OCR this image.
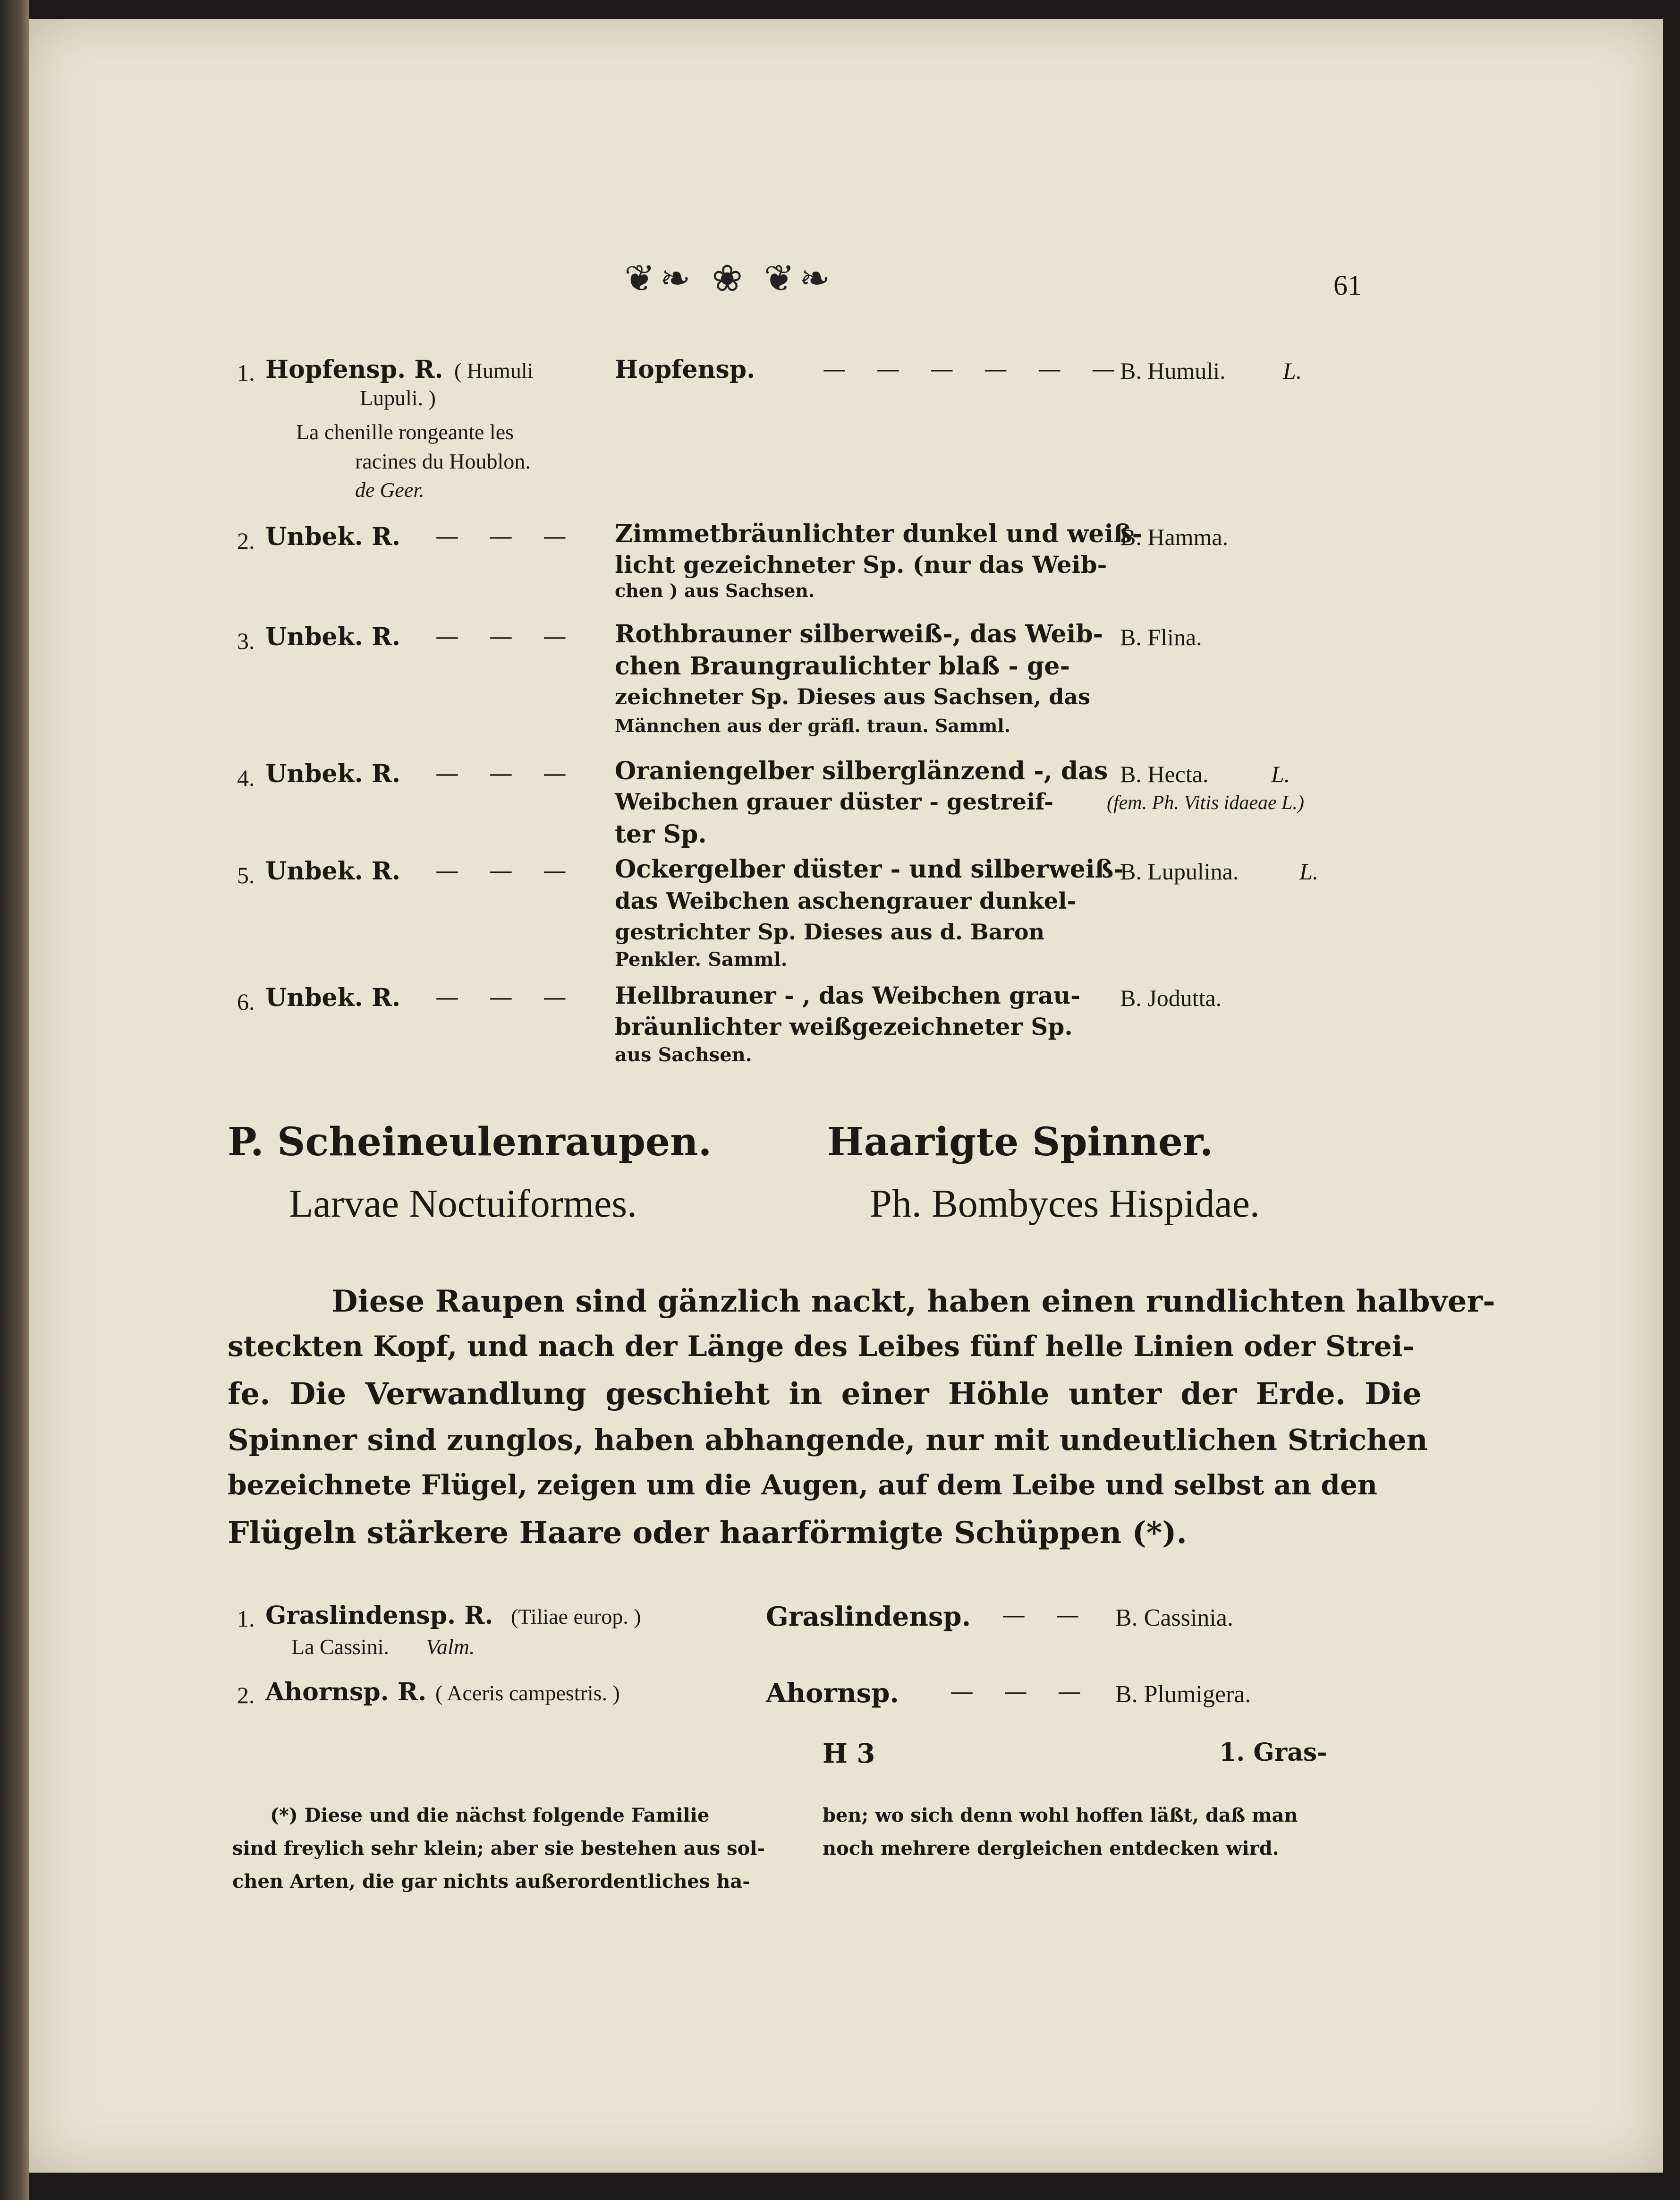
❦❧ ❀ ❦❧	61
1. Hopfensp. R. ( Humuli
Lupuli. )
La chenille rongeante les
racines du Houblon.
de Geer.
Hopfensp.	— — — — — —
B. Humuli. L.
2. Unbek. R. — — — Zimmetbräunlichter dunkel und weiß-
licht gezeichneter Sp. (nur das Weib-
chen ) aus Sachsen.
B. Hamma.
3. Unbek. R. — — — Rothbrauner silberweiß-, das Weib-
chen Braungraulichter blaß - ge-
zeichneter Sp. Dieses aus Sachsen, das
Männchen aus der gräfl. traun. Samml.
B. Flina.
4. Unbek. R. — — — Oraniengelber silberglänzend -, das
Weibchen grauer düster - gestreif-
ter Sp.
B. Hecta.	L.
(fem. Ph. Vitis idaeae L.)
5. Unbek. R. — — — Ockergelber düster - und silberweiß-
das Weibchen aschengrauer dunkel-
gestrichter Sp. Dieses aus d. Baron
Penkler. Samml.
B. Lupulina.	L.
6. Unbek. R. — — — Hellbrauner - , das Weibchen grau-
bräunlichter weißgezeichneter Sp.
aus Sachsen.
B. Jodutta.
P. Scheineulenraupen.
Larvae Noctuiformes.
Haarigte Spinner.
Ph. Bombyces Hispidae.
Diese Raupen sind gänzlich nackt, haben einen rundlichten halbver-
steckten Kopf, und nach der Länge des Leibes fünf helle Linien oder Strei-
fe. Die Verwandlung geschieht in einer Höhle unter der Erde. Die
Spinner sind zunglos, haben abhangende, nur mit undeutlichen Strichen
bezeichnete Flügel, zeigen um die Augen, auf dem Leibe und selbst an den
Flügeln stärkere Haare oder haarförmigte Schüppen (*).
1. Graslindensp. R. (Tiliae europ. )
La Cassini. Valm.
Graslindensp. — — B. Cassinia.
2. Ahornsp. R. ( Aceris campestris. )	Ahornsp. — — — B. Plumigera.
H 3	1. Gras-
(*) Diese und die nächst folgende Familie
sind freylich sehr klein; aber sie bestehen aus sol-
chen Arten, die gar nichts außerordentliches ha-
ben; wo sich denn wohl hoffen läßt, daß man
noch mehrere dergleichen entdecken wird.
